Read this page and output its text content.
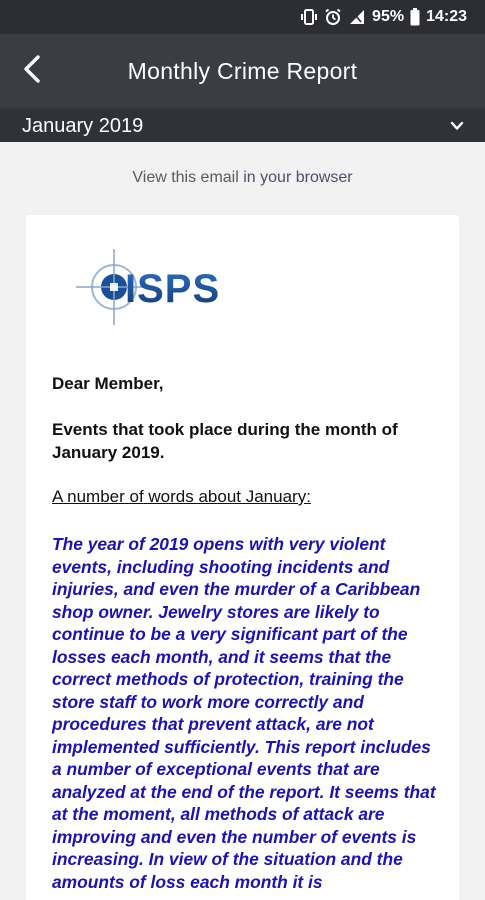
95% 14:23
Monthly Crime Report
January 2019
View this email in your browser
ISPS
Dear Member,
Events that took place during the month of January 2019.
A number of words about January:
The year of 2019 opens with very violent events, including shooting incidents and injuries, and even the murder of a Caribbean shop owner. Jewelry stores are likely to continue to be a very significant part of the losses each month, and it seems that the correct methods of protection, training the store staff to work more correctly and procedures that prevent attack, are not implemented sufficiently. This report includes a number of exceptional events that are analyzed at the end of the report. It seems that at the moment, all methods of attack are improving and even the number of events is increasing. In view of the situation and the amounts of loss each month it is
